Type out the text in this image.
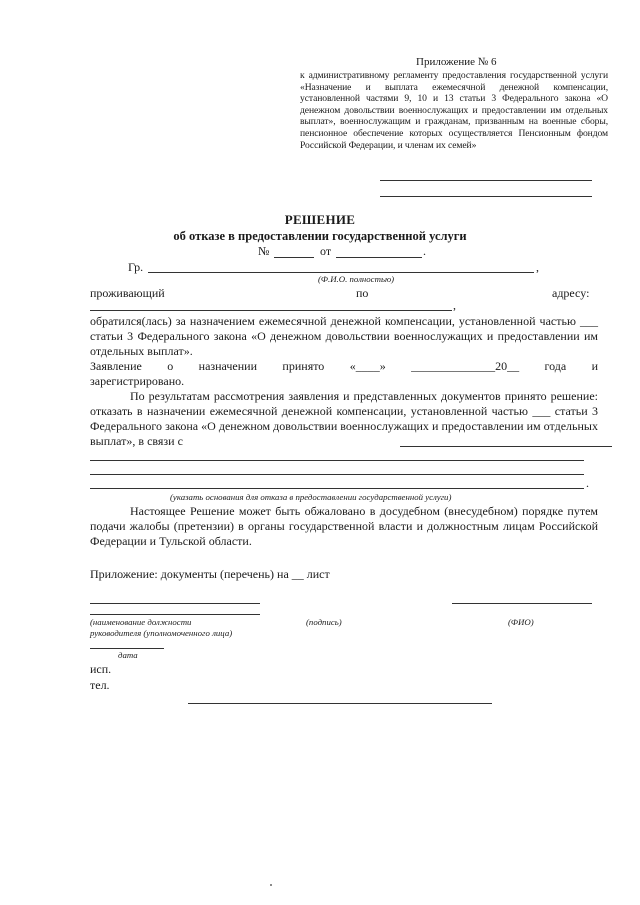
Приложение № 6
к административному регламенту предоставления государственной услуги «Назначение и выплата ежемесячной денежной компенсации, установленной частями 9, 10 и 13 статьи 3 Федерального закона «О денежном довольствии военнослужащих и предоставлении им отдельных выплат», военнослужащим и гражданам, призванным на военные сборы, пенсионное обеспечение которых осуществляется Пенсионным фондом Российской Федерации, и членам их семей»
РЕШЕНИЕ
об отказе в предоставлении государственной услуги
№	от	.
Гр.	,
(Ф.И.О. полностью)
проживающий	по	адресу:
,
обратился(лась) за назначением ежемесячной денежной компенсации, установленной частью ___ статьи 3 Федерального закона «О денежном довольствии военнослужащих и предоставлении им отдельных выплат».
Заявление о назначении принято «____» ______________20__ года и
зарегистрировано.
По результатам рассмотрения заявления и представленных документов принято решение: отказать в назначении ежемесячной денежной компенсации, установленной частью ___ статьи 3 Федерального закона «О денежном довольствии военнослужащих и предоставлении им отдельных выплат», в связи с
.
(указать основания для отказа в предоставлении государственной услуги)
Настоящее Решение может быть обжаловано в досудебном (внесудебном) порядке путем подачи жалобы (претензии) в органы государственной власти и должностным лицам Российской Федерации и Тульской области.
Приложение: документы (перечень) на __ лист
(наименование должности
руководителя (уполномоченного лица)
(подпись)	(ФИО)
дата
исп.
тел.
